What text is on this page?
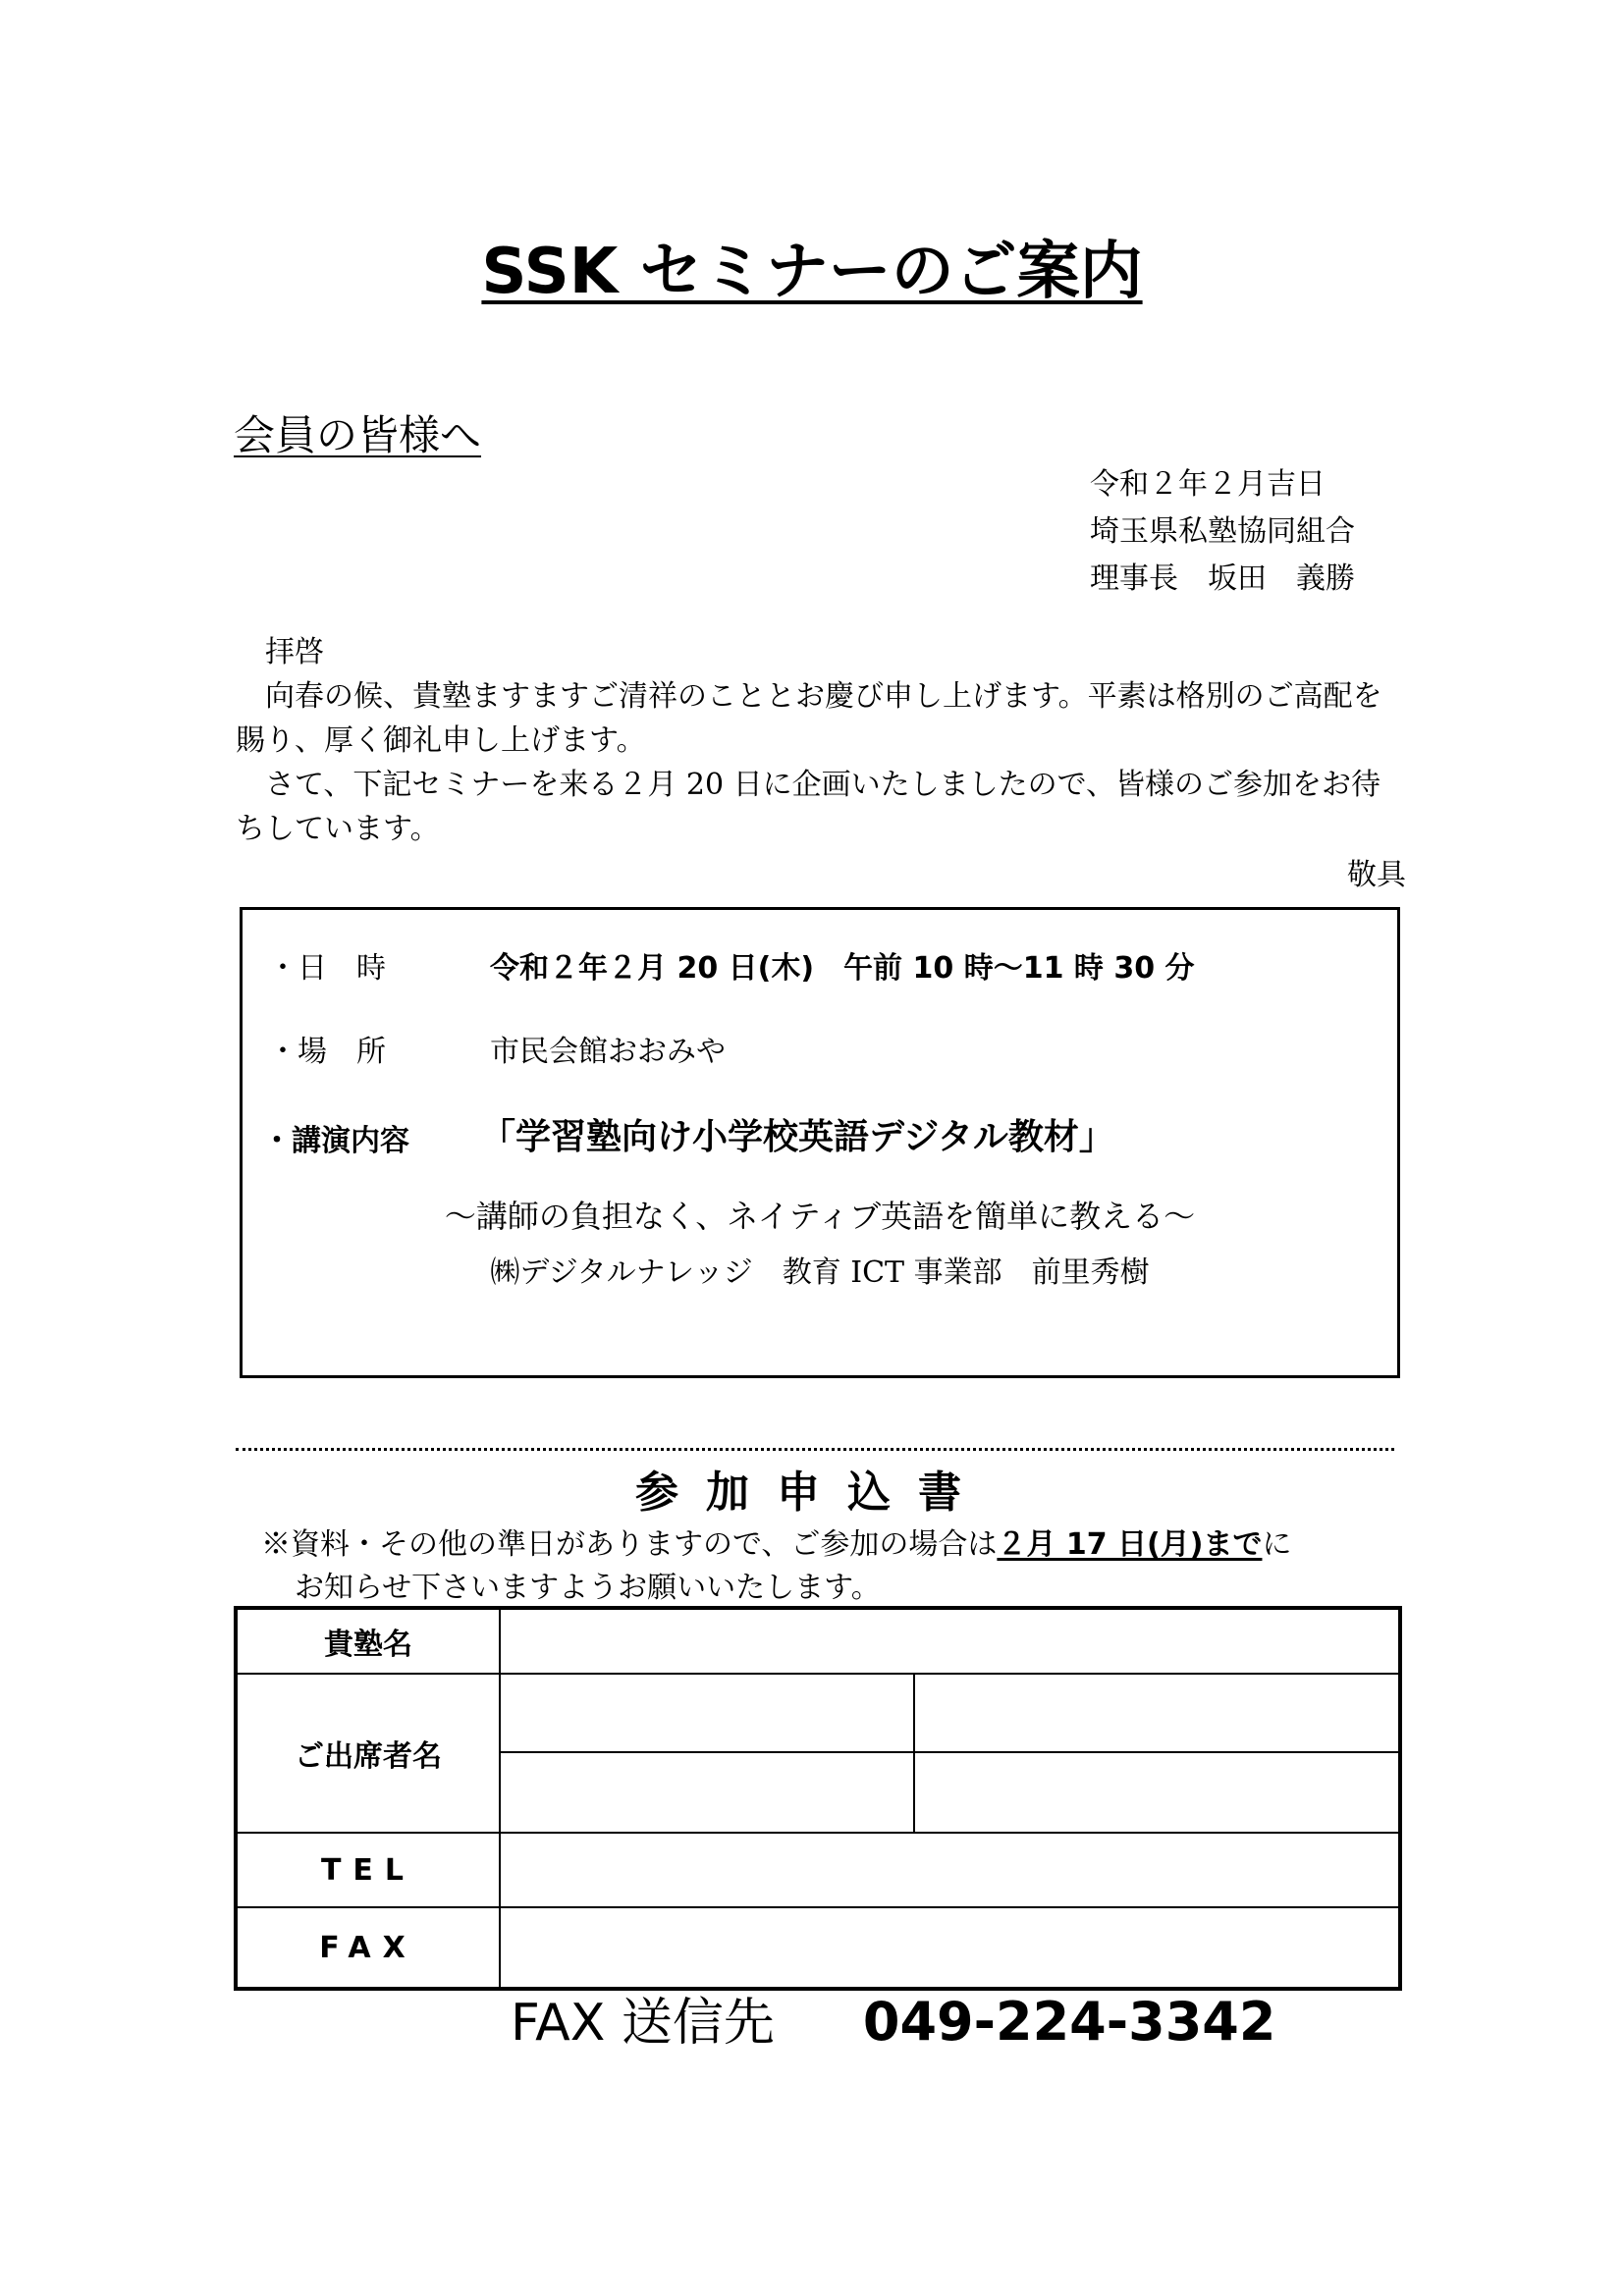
SSK セミナーのご案内
会員の皆様へ
令和２年２月吉日
埼玉県私塾協同組合
理事長　坂田　義勝

拝啓

向春の候、貴塾ますますご清祥のこととお慶び申し上げます。平素は格別のご高配を賜り、厚く御礼申し上げます。

さて、下記セミナーを来る２月 20 日に企画いたしましたので、皆様のご参加をお待ちしています。

敬具

・日　時	令和２年２月 20 日(木)　午前 10 時～11 時 30 分
・場　所	市民会館おおみや
・講演内容 「学習塾向け小学校英語デジタル教材」
～講師の負担なく、ネイティブ英語を簡単に教える～
㈱デジタルナレッジ　教育 ICT 事業部　前里秀樹
参加申込書
※資料・その他の準日がありますので、ご参加の場合は２月 17 日(月)までに
お知らせ下さいますようお願いいたします。
貴塾名
ご出席者名
TEL
FAX
FAX 送信先 049-224-3342
